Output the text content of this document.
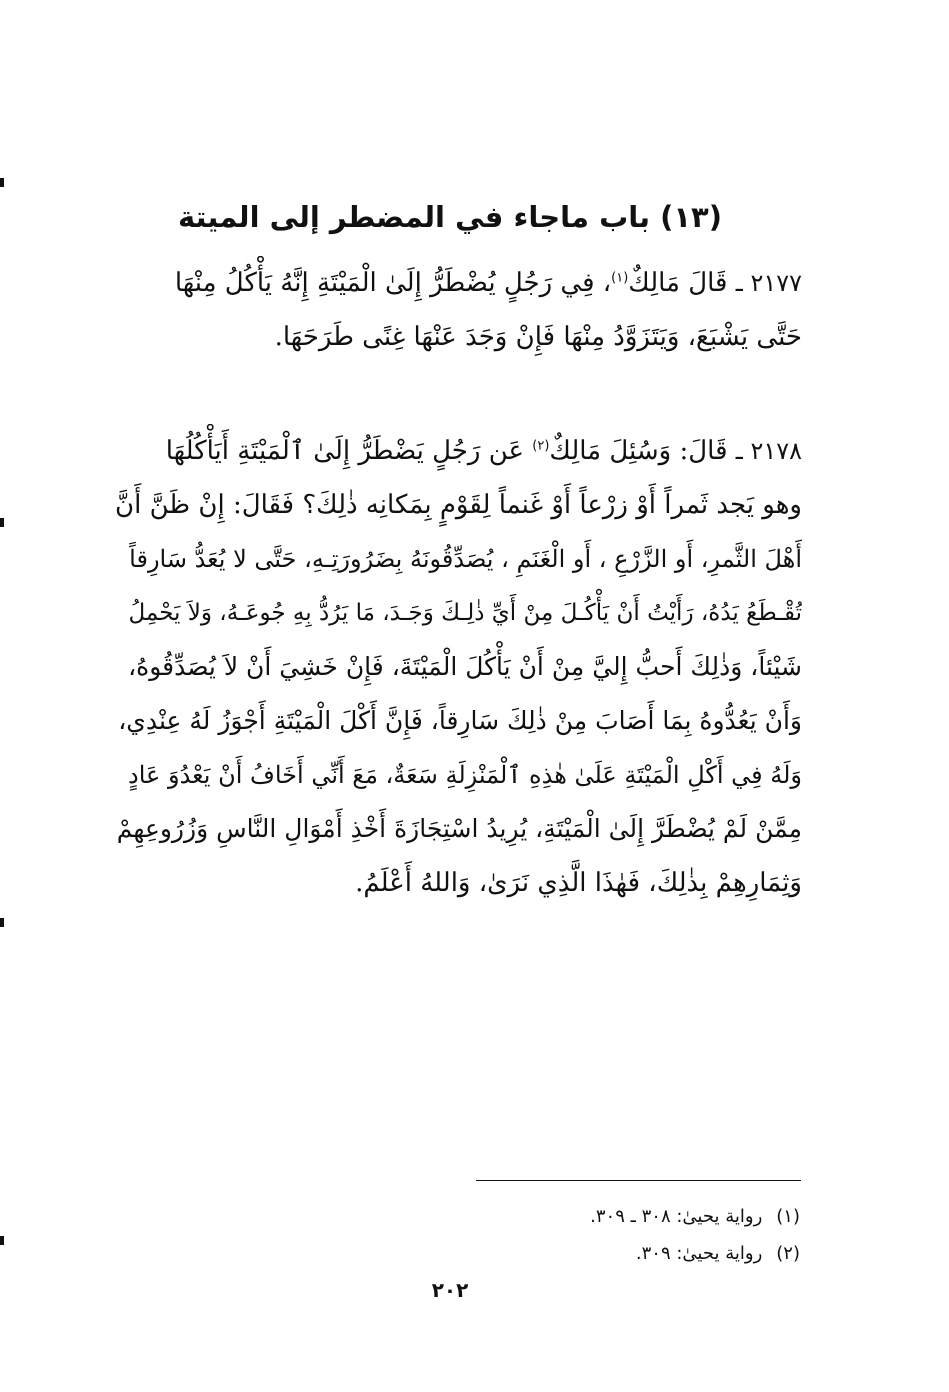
(١٣) باب ماجاء في المضطر إلى الميتة
٢١٧٧ ـ قَالَ مَالِكٌ$^{(١)}$، فِي رَجُلٍ يُضْطَرُّ إِلَىٰ الْمَيْتَةِ إِنَّهُ يَأْكُلُ مِنْهَا
حَتَّى يَشْبَعَ، وَيَتَزَوَّدُ مِنْهَا فَإِنْ وَجَدَ عَنْهَا غِنًى طَرَحَهَا.
٢١٧٨ ـ قَالَ: وَسُئِلَ مَالِكٌ$^{(٢)}$ عَن رَجُلٍ يَضْطَرُّ إِلَىٰ ٱلْمَيْتَةِ أَيَأْكُلُهَا
وهو يَجد ثَمراً أَوْ زرْعاً أَوْ غَنماً لِقَوْمٍ بِمَكانِه ذٰلِكَ؟ فَقَالَ: إِنْ ظَنَّ أَنَّ
أَهْلَ الثَّمرِ، أَو الزَّرْعِ ، أَو الْغَنَمِ ، يُصَدِّقُونَهُ بِضَرُورَتِـهِ، حَتَّى لا يُعَدُّ سَارِقاً
تُقْـطَعُ يَدُهُ، رَأَيْتُ أَنْ يَأْكُـلَ مِنْ أَيِّ ذٰلِـكَ وَجَـدَ، مَا يَرُدُّ بِهِ جُوعَـهُ، وَلاَ يَحْمِلُ
شَيْئاً، وَذٰلِكَ أَحبُّ إِليَّ مِنْ أَنْ يَأْكُلَ الْمَيْتَةَ، فَإِنْ خَشِيَ أَنْ لاَ يُصَدِّقُوهُ،
وَأَنْ يَعُدُّوهُ بِمَا أَصَابَ مِنْ ذٰلِكَ سَارِقاً، فَإِنَّ أَكْلَ الْمَيْتَةِ أَجْوَزُ لَهُ عِنْدِي،
وَلَهُ فِي أَكْلِ الْمَيْتَةِ عَلَىٰ هٰذِهِ ٱلْمَنْزِلَةِ سَعَةٌ، مَعَ أَنِّي أَخَافُ أَنْ يَعْدُوَ عَادٍ
مِمَّنْ لَمْ يُضْطَرَّ إِلَىٰ الْمَيْتَةِ، يُرِيدُ اسْتِجَازَةَ أَخْذِ أَمْوَالِ النَّاسِ وَزُرُوعِهِمْ
وَثِمَارِهِمْ بِذٰلِكَ، فَهٰذَا الَّذِي نَرَىٰ، وَاللهُ أَعْلَمُ.
(١)رواية يحيىٰ: ٣٠٨ ـ ٣٠٩.
(٢)رواية يحيىٰ: ٣٠٩.
٢٠٢
